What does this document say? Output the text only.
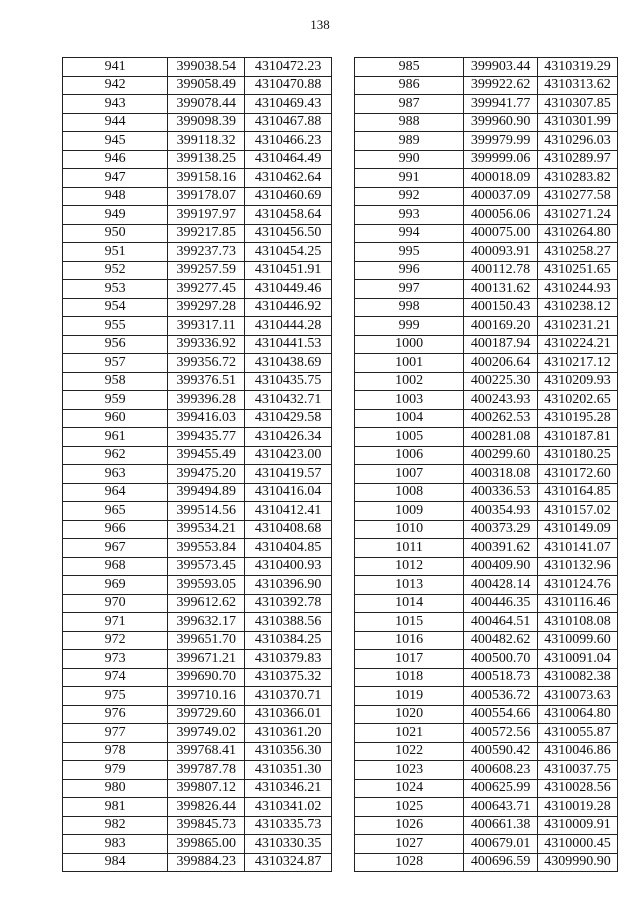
138
941	399038.54	4310472.23
942	399058.49	4310470.88
943	399078.44	4310469.43
944	399098.39	4310467.88
945	399118.32	4310466.23
946	399138.25	4310464.49
947	399158.16	4310462.64
948	399178.07	4310460.69
949	399197.97	4310458.64
950	399217.85	4310456.50
951	399237.73	4310454.25
952	399257.59	4310451.91
953	399277.45	4310449.46
954	399297.28	4310446.92
955	399317.11	4310444.28
956	399336.92	4310441.53
957	399356.72	4310438.69
958	399376.51	4310435.75
959	399396.28	4310432.71
960	399416.03	4310429.58
961	399435.77	4310426.34
962	399455.49	4310423.00
963	399475.20	4310419.57
964	399494.89	4310416.04
965	399514.56	4310412.41
966	399534.21	4310408.68
967	399553.84	4310404.85
968	399573.45	4310400.93
969	399593.05	4310396.90
970	399612.62	4310392.78
971	399632.17	4310388.56
972	399651.70	4310384.25
973	399671.21	4310379.83
974	399690.70	4310375.32
975	399710.16	4310370.71
976	399729.60	4310366.01
977	399749.02	4310361.20
978	399768.41	4310356.30
979	399787.78	4310351.30
980	399807.12	4310346.21
981	399826.44	4310341.02
982	399845.73	4310335.73
983	399865.00	4310330.35
984	399884.23	4310324.87
985	399903.44	4310319.29
986	399922.62	4310313.62
987	399941.77	4310307.85
988	399960.90	4310301.99
989	399979.99	4310296.03
990	399999.06	4310289.97
991	400018.09	4310283.82
992	400037.09	4310277.58
993	400056.06	4310271.24
994	400075.00	4310264.80
995	400093.91	4310258.27
996	400112.78	4310251.65
997	400131.62	4310244.93
998	400150.43	4310238.12
999	400169.20	4310231.21
1000	400187.94	4310224.21
1001	400206.64	4310217.12
1002	400225.30	4310209.93
1003	400243.93	4310202.65
1004	400262.53	4310195.28
1005	400281.08	4310187.81
1006	400299.60	4310180.25
1007	400318.08	4310172.60
1008	400336.53	4310164.85
1009	400354.93	4310157.02
1010	400373.29	4310149.09
1011	400391.62	4310141.07
1012	400409.90	4310132.96
1013	400428.14	4310124.76
1014	400446.35	4310116.46
1015	400464.51	4310108.08
1016	400482.62	4310099.60
1017	400500.70	4310091.04
1018	400518.73	4310082.38
1019	400536.72	4310073.63
1020	400554.66	4310064.80
1021	400572.56	4310055.87
1022	400590.42	4310046.86
1023	400608.23	4310037.75
1024	400625.99	4310028.56
1025	400643.71	4310019.28
1026	400661.38	4310009.91
1027	400679.01	4310000.45
1028	400696.59	4309990.90
